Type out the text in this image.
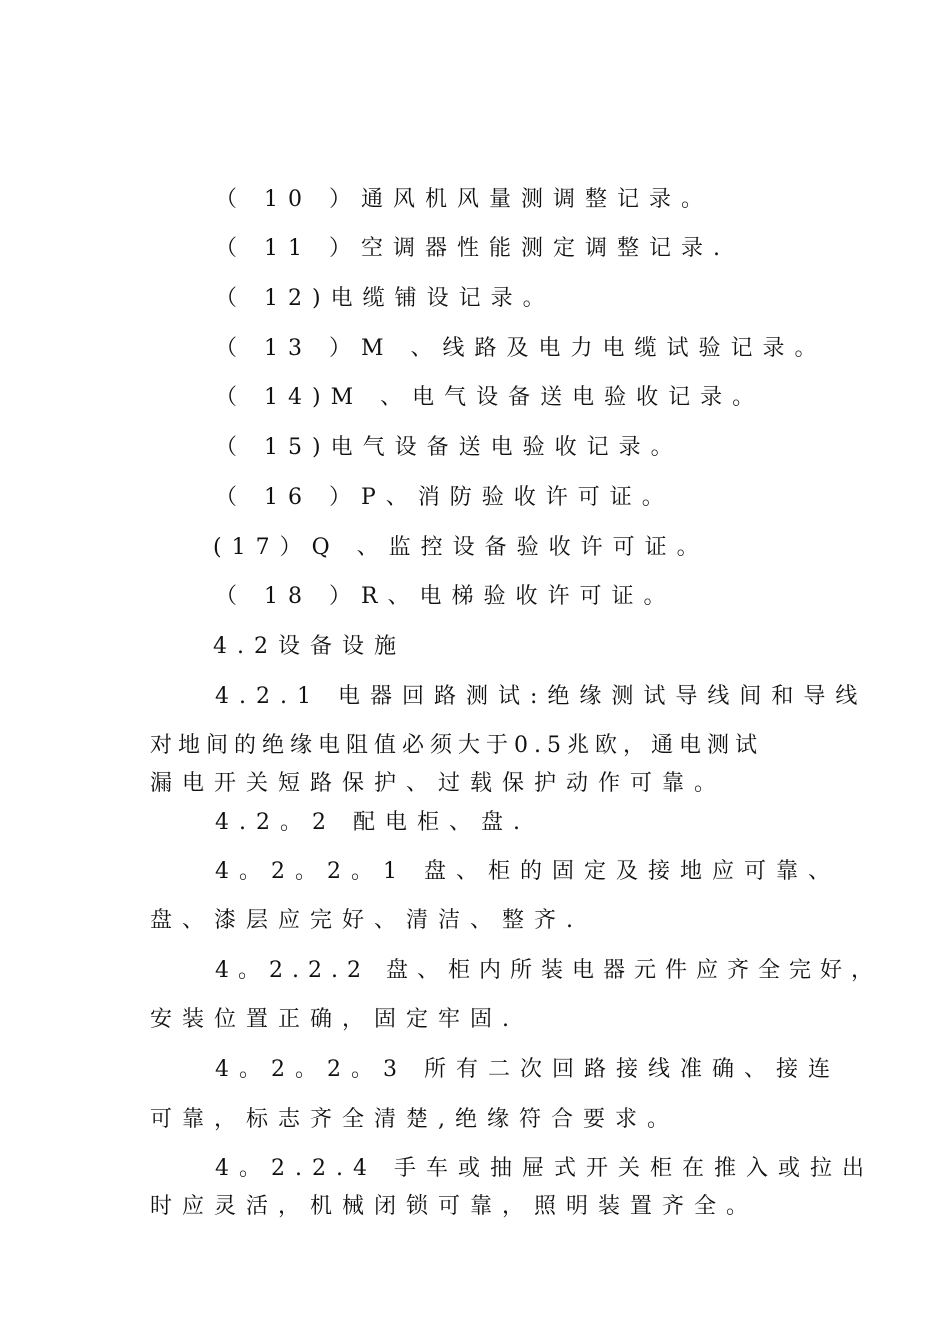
（ 10 ）通风机风量测调整记录。
（ 11 ）空调器性能测定调整记录.
（ 12)电缆铺设记录。
（ 13 ）M 、线路及电力电缆试验记录。
（ 14)M 、电气设备送电验收记录。
（ 15)电气设备送电验收记录。
（ 16 ）P、消防验收许可证。
(17）Q 、监控设备验收许可证。
（ 18 ）R、电梯验收许可证。
4.2设备设施
4.2.1 电器回路测试:绝缘测试导线间和导线
对地间的绝缘电阻值必须大于0.5兆欧，通电测试
漏电开关短路保护、过载保护动作可靠。
4.2。2 配电柜、盘.
4。2。2。1 盘、柜的固定及接地应可靠、
盘、漆层应完好、清洁、整齐.
4。2.2.2 盘、柜内所装电器元件应齐全完好，
安装位置正确，固定牢固.
4。2。2。3 所有二次回路接线准确、接连
可靠，标志齐全清楚,绝缘符合要求。
4。2.2.4 手车或抽屉式开关柜在推入或拉出
时应灵活，机械闭锁可靠，照明装置齐全。
